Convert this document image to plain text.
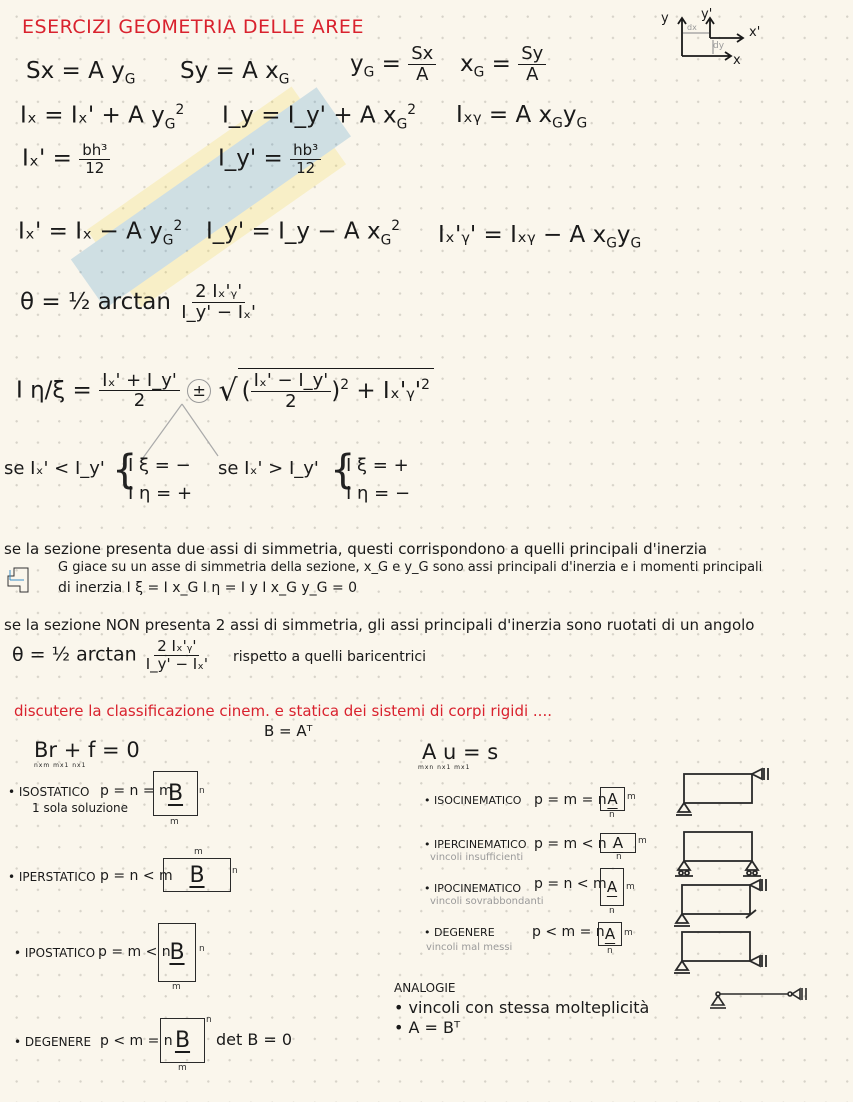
ESERCIZI GEOMETRIA DELLE AREE	y y'
x'
x
dx
dy
Sx = A $y_G$ Sy = A $x_G$
$y_G = \frac{Sx}{A} x_G = \frac{Sy}{A}$
Iₓ = Iₓ' + A $y_G^2$ I_y = I_y' + A $x_G^2$ Iₓᵧ = A $x_Gy_G$
$I_x' = \frac{\text{bh³}}{12}$	I_y' = $\frac{\text{hb³}}{12}$
Iₓ' = Iₓ − A $y_G^2$ I_y' = I_y − A $x_G^2$ Iₓ'ᵧ' = Iₓᵧ − A $x_Gy_G$
θ = ½ $\arctan \frac{\text{2 Iₓ'ᵧ'}}{\text{I\_y' − Iₓ'}}$
I $\eta/\xi = \frac{\text{Iₓ' + I\_y'}}{2}$ ± √ ( $\frac{\text{Iₓ' − I\_y'}}{2} )^2$ + $I_x'ᵧ'^2$
se Iₓ' < I_y' {
I ξ = −
I η = +
se Iₓ' > I_y' {
I ξ = +
I η = −
se la sezione presenta due assi di simmetria, questi corrispondono a quelli principali d'inerzia
G giace su un asse di simmetria della sezione, x_G e y_G sono assi principali d'inerzia e i momenti principali
di inerzia I ξ = I x_G I η = I y I x_G y_G = 0
se la sezione NON presenta 2 assi di simmetria, gli assi principali d'inerzia sono ruotati di un angolo
θ = ½ $\arctan \frac{\text{2 Iₓ'ᵧ'}}{\text{I\_y' − Iₓ'}}$ rispetto a quelli baricentrici
discutere la classificazione cinem. e statica dei sistemi di corpi rigidi ....
B = Aᵀ
Br + f = 0
nxm mx1 nx1
A u = s
mxn nx1 mx1
• ISOSTATICO p = n = m
1 sola soluzione
B n
m
• IPERSTATICO p = n < m B	n
m
• IPOSTATICO p = m < n
B n
m
• DEGENERE p < m = n B
n
m
det B = 0
• ISOCINEMATICO p = m = n A m
n
• IPERCINEMATICO
vincoli insufficienti
p = m < n A m
n
• IPOCINEMATICO
vincoli sovrabbondanti
p = n < m A m
n
• DEGENERE
vincoli mal messi
p < m = n A m
n
ANALOGIE
• vincoli con stessa molteplicità
• A = Bᵀ
